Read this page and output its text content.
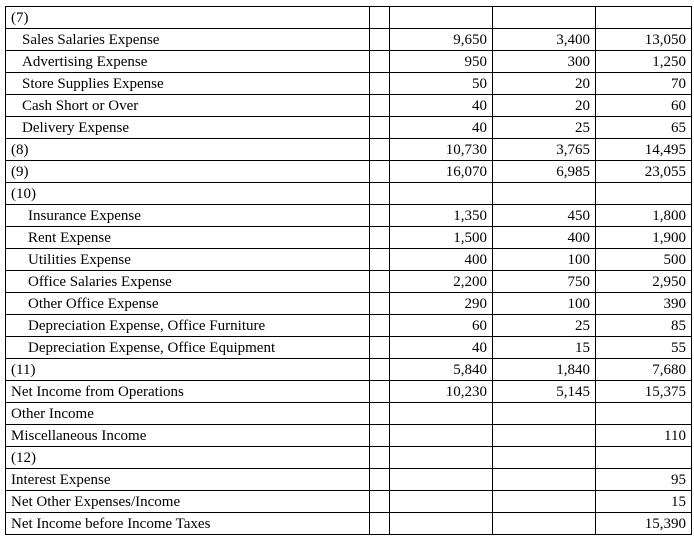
(7)				
Sales Salaries Expense		9,650	3,400	13,050
Advertising Expense		950	300	1,250
Store Supplies Expense		50	20	70
Cash Short or Over		40	20	60
Delivery Expense		40	25	65
(8)		10,730	3,765	14,495
(9)		16,070	6,985	23,055
(10)				
Insurance Expense		1,350	450	1,800
Rent Expense		1,500	400	1,900
Utilities Expense		400	100	500
Office Salaries Expense		2,200	750	2,950
Other Office Expense		290	100	390
Depreciation Expense, Office Furniture		60	25	85
Depreciation Expense, Office Equipment		40	15	55
(11)		5,840	1,840	7,680
Net Income from Operations		10,230	5,145	15,375
Other Income				
Miscellaneous Income				110
(12)				
Interest Expense				95
Net Other Expenses/Income				15
Net Income before Income Taxes				15,390
